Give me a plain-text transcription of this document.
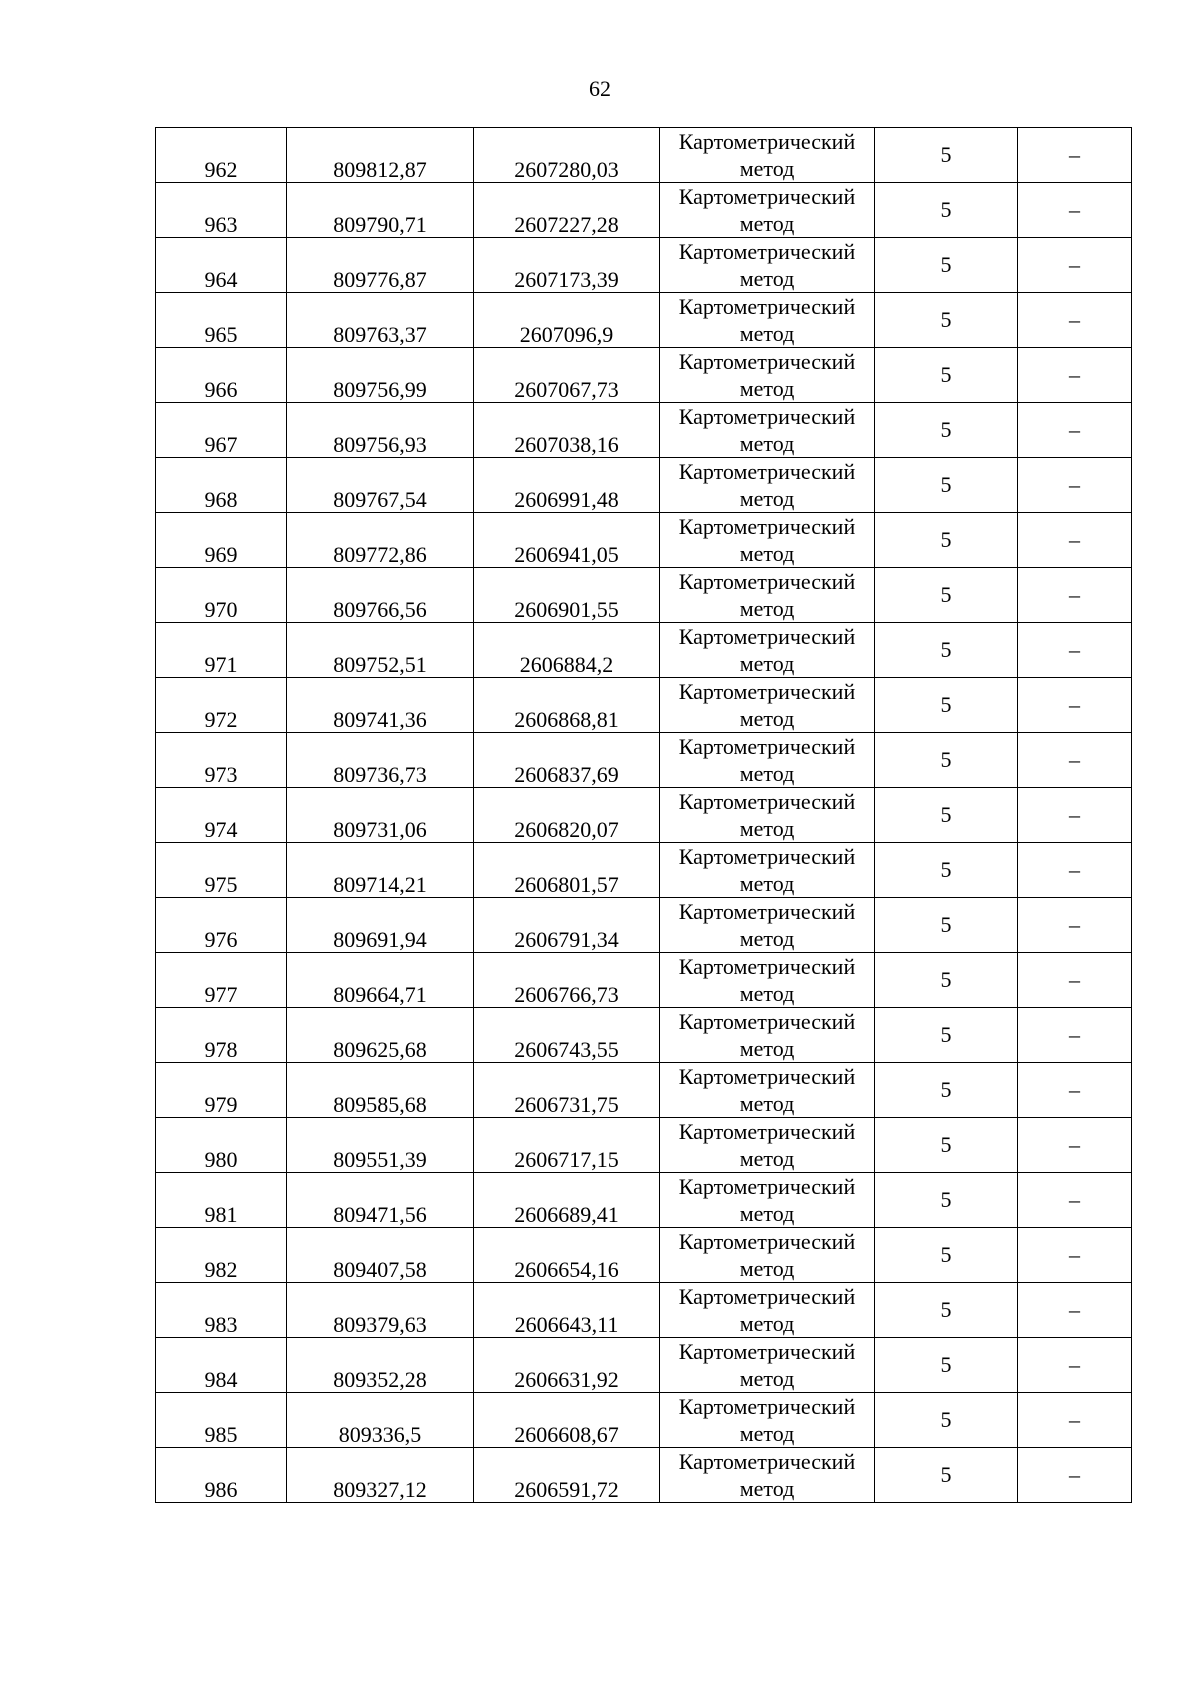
62
962	809812,87	2607280,03	Картометрический
метод	5	–
963	809790,71	2607227,28	Картометрический
метод	5	–
964	809776,87	2607173,39	Картометрический
метод	5	–
965	809763,37	2607096,9	Картометрический
метод	5	–
966	809756,99	2607067,73	Картометрический
метод	5	–
967	809756,93	2607038,16	Картометрический
метод	5	–
968	809767,54	2606991,48	Картометрический
метод	5	–
969	809772,86	2606941,05	Картометрический
метод	5	–
970	809766,56	2606901,55	Картометрический
метод	5	–
971	809752,51	2606884,2	Картометрический
метод	5	–
972	809741,36	2606868,81	Картометрический
метод	5	–
973	809736,73	2606837,69	Картометрический
метод	5	–
974	809731,06	2606820,07	Картометрический
метод	5	–
975	809714,21	2606801,57	Картометрический
метод	5	–
976	809691,94	2606791,34	Картометрический
метод	5	–
977	809664,71	2606766,73	Картометрический
метод	5	–
978	809625,68	2606743,55	Картометрический
метод	5	–
979	809585,68	2606731,75	Картометрический
метод	5	–
980	809551,39	2606717,15	Картометрический
метод	5	–
981	809471,56	2606689,41	Картометрический
метод	5	–
982	809407,58	2606654,16	Картометрический
метод	5	–
983	809379,63	2606643,11	Картометрический
метод	5	–
984	809352,28	2606631,92	Картометрический
метод	5	–
985	809336,5	2606608,67	Картометрический
метод	5	–
986	809327,12	2606591,72	Картометрический
метод	5	–
